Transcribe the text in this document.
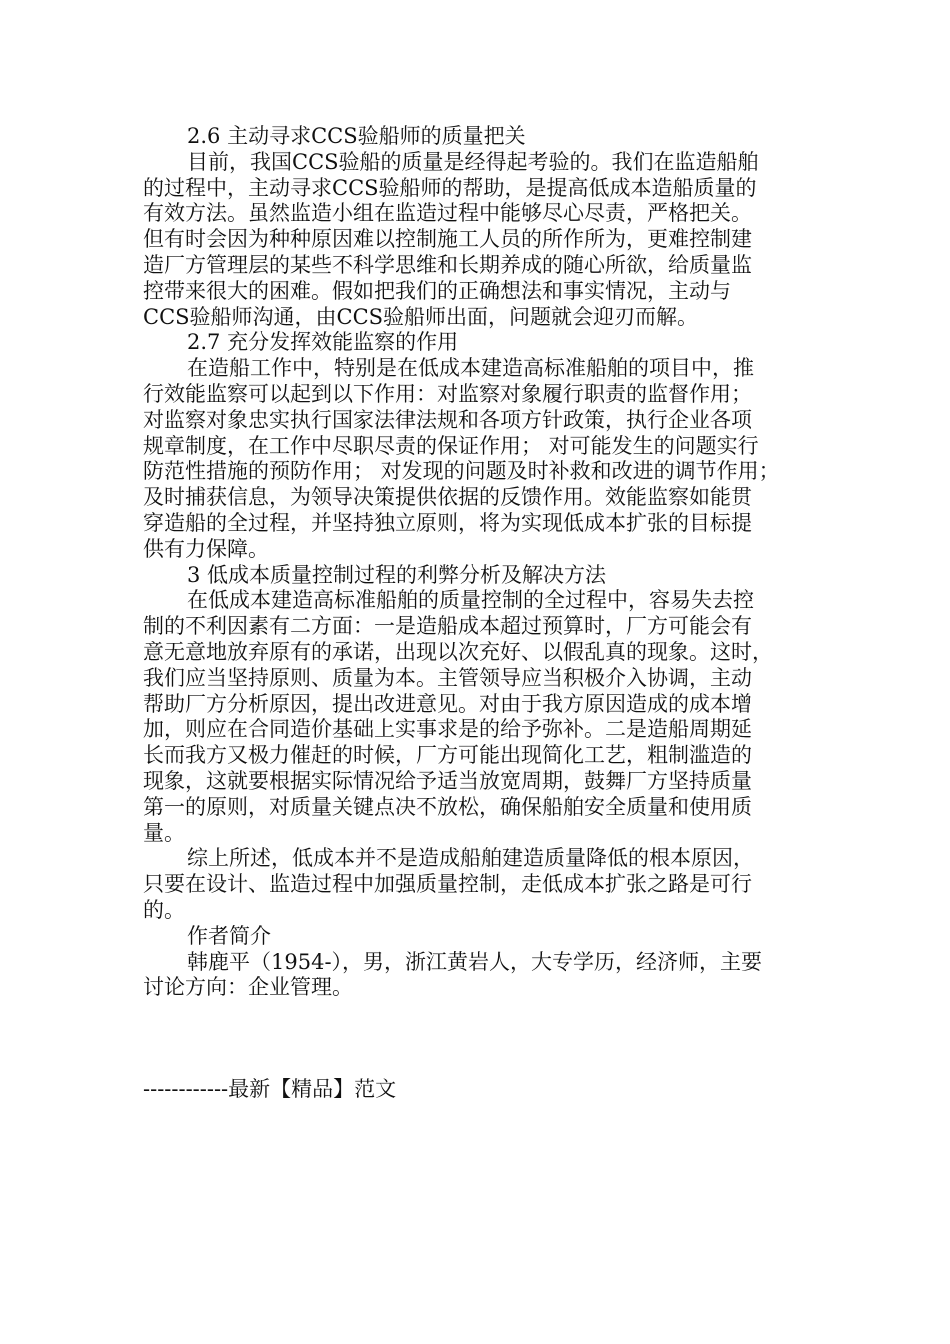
2.6 主动寻求CCS验船师的质量把关
目前，我国CCS验船的质量是经得起考验的。我们在监造船舶
的过程中，主动寻求CCS验船师的帮助，是提高低成本造船质量的
有效方法。虽然监造小组在监造过程中能够尽心尽责，严格把关。
但有时会因为种种原因难以控制施工人员的所作所为，更难控制建
造厂方管理层的某些不科学思维和长期养成的随心所欲，给质量监
控带来很大的困难。假如把我们的正确想法和事实情况，主动与
CCS验船师沟通，由CCS验船师出面，问题就会迎刃而解。
2.7 充分发挥效能监察的作用
在造船工作中，特别是在低成本建造高标准船舶的项目中，推
行效能监察可以起到以下作用：对监察对象履行职责的监督作用；
对监察对象忠实执行国家法律法规和各项方针政策，执行企业各项
规章制度，在工作中尽职尽责的保证作用； 对可能发生的问题实行
防范性措施的预防作用； 对发现的问题及时补救和改进的调节作用；
及时捕获信息，为领导决策提供依据的反馈作用。效能监察如能贯
穿造船的全过程，并坚持独立原则，将为实现低成本扩张的目标提
供有力保障。
3 低成本质量控制过程的利弊分析及解决方法
在低成本建造高标准船舶的质量控制的全过程中，容易失去控
制的不利因素有二方面：一是造船成本超过预算时，厂方可能会有
意无意地放弃原有的承诺，出现以次充好、以假乱真的现象。这时，
我们应当坚持原则、质量为本。主管领导应当积极介入协调，主动
帮助厂方分析原因，提出改进意见。对由于我方原因造成的成本增
加，则应在合同造价基础上实事求是的给予弥补。二是造船周期延
长而我方又极力催赶的时候，厂方可能出现简化工艺，粗制滥造的
现象，这就要根据实际情况给予适当放宽周期，鼓舞厂方坚持质量
第一的原则，对质量关键点决不放松，确保船舶安全质量和使用质
量。
综上所述，低成本并不是造成船舶建造质量降低的根本原因，
只要在设计、监造过程中加强质量控制，走低成本扩张之路是可行
的。
作者简介
韩鹿平（1954-），男，浙江黄岩人，大专学历，经济师，主要
讨论方向：企业管理。
------------最新【精品】范文
